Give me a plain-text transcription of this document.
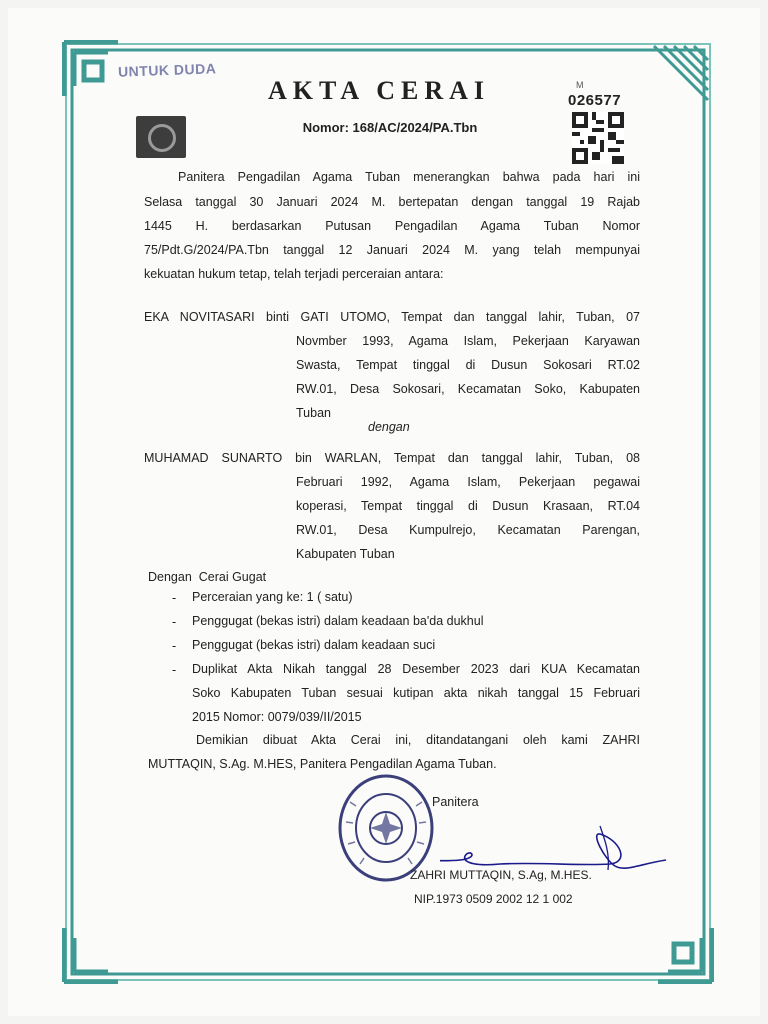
UNTUK DUDA
AKTA CERAI	M
026577
Nomor: 168/AC/2024/PA.Tbn
Panitera Pengadilan Agama Tuban menerangkan bahwa pada hari ini
Selasa tanggal 30 Januari 2024 M. bertepatan dengan tanggal 19 Rajab
1445 H. berdasarkan Putusan Pengadilan Agama Tuban Nomor
75/Pdt.G/2024/PA.Tbn tanggal 12 Januari 2024 M. yang telah mempunyai
kekuatan hukum tetap, telah terjadi perceraian antara:
EKA NOVITASARI binti GATI UTOMO, Tempat dan tanggal lahir, Tuban, 07
Novmber 1993, Agama Islam, Pekerjaan Karyawan
Swasta, Tempat tinggal di Dusun Sokosari RT.02
RW.01, Desa Sokosari, Kecamatan Soko, Kabupaten
Tuban
dengan
MUHAMAD SUNARTO bin WARLAN, Tempat dan tanggal lahir, Tuban, 08
Februari 1992, Agama Islam, Pekerjaan pegawai
koperasi, Tempat tinggal di Dusun Krasaan, RT.04
RW.01, Desa Kumpulrejo, Kecamatan Parengan,
Kabupaten Tuban
Dengan  Cerai Gugat
- Perceraian yang ke: 1 ( satu)
- Penggugat (bekas istri) dalam keadaan ba'da dukhul
- Penggugat (bekas istri) dalam keadaan suci
- Duplikat Akta Nikah tanggal 28 Desember 2023 dari KUA Kecamatan
Soko Kabupaten Tuban sesuai kutipan akta nikah tanggal 15 Februari
2015 Nomor: 0079/039/II/2015
Demikian dibuat Akta Cerai ini, ditandatangani oleh kami ZAHRI
MUTTAQIN, S.Ag. M.HES, Panitera Pengadilan Agama Tuban.
Panitera
ZAHRI MUTTAQIN, S.Ag, M.HES.
NIP.1973 0509 2002 12 1 002
